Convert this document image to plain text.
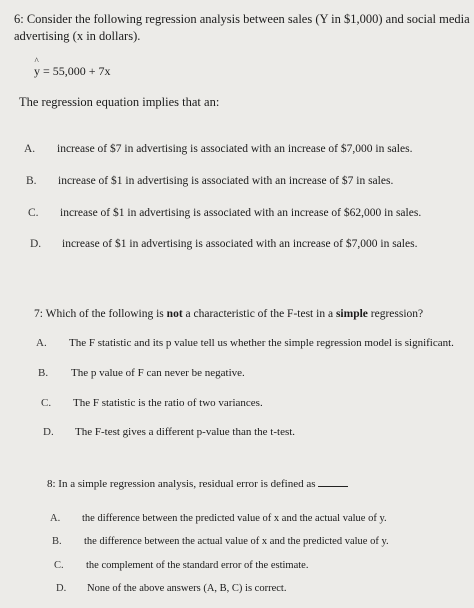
6: Consider the following regression analysis between sales (Y in $1,000) and social media
advertising (x in dollars).
^ y = 55,000 + 7x
The regression equation implies that an:
A. increase of $7 in advertising is associated with an increase of $7,000 in sales.
B. increase of $1 in advertising is associated with an increase of $7 in sales.
C. increase of $1 in advertising is associated with an increase of $62,000 in sales.
D. increase of $1 in advertising is associated with an increase of $7,000 in sales.
7: Which of the following is not a characteristic of the F-test in a simple regression?
A. The F statistic and its p value tell us whether the simple regression model is significant.
B. The p value of F can never be negative.
C. The F statistic is the ratio of two variances.
D. The F-test gives a different p-value than the t-test.
8: In a simple regression analysis, residual error is defined as
A. the difference between the predicted value of x and the actual value of y.
B. the difference between the actual value of x and the predicted value of y.
C. the complement of the standard error of the estimate.
D. None of the above answers (A, B, C) is correct.
